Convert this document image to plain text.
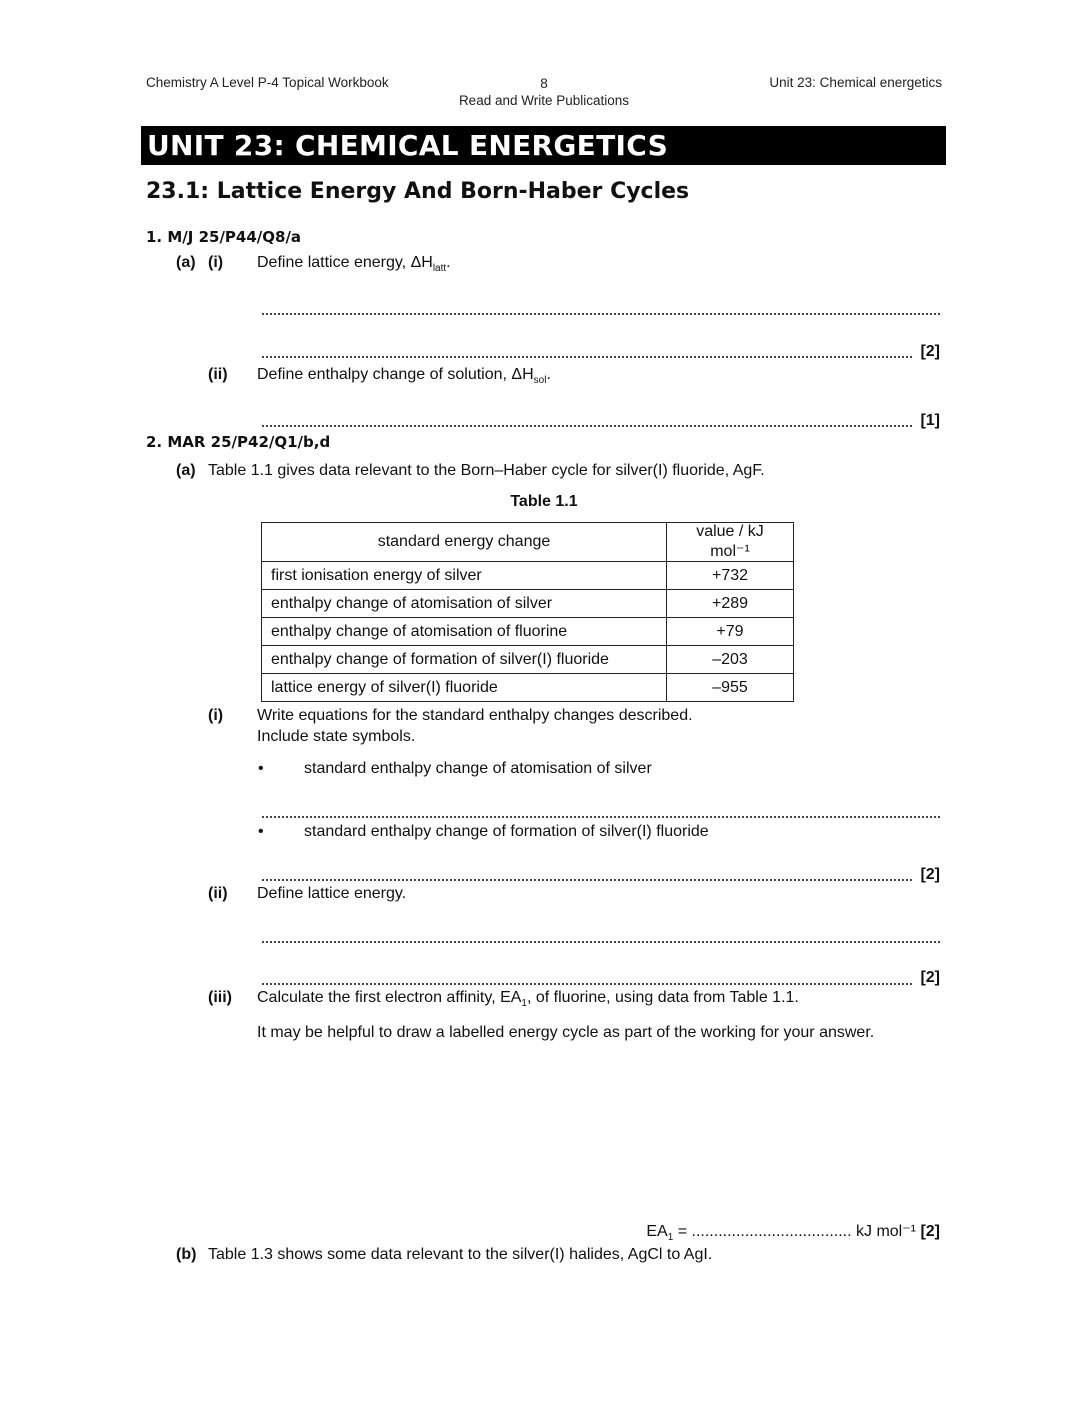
Chemistry A Level P-4 Topical Workbook	8
Read and Write Publications
Unit 23: Chemical energetics
UNIT 23: CHEMICAL ENERGETICS
23.1: Lattice Energy And Born-Haber Cycles
1. M/J 25/P44/Q8/a
(a) (i) Define lattice energy, $\Delta H_{latt}$.
[2]
(ii) Define enthalpy change of solution, $\Delta H_{sol}$.
[1]
2. MAR 25/P42/Q1/b,d
(a) Table 1.1 gives data relevant to the Born–Haber cycle for silver(I) fluoride, AgF.
Table 1.1
standard energy change	value / kJ mol⁻¹
first ionisation energy of silver	+732
enthalpy change of atomisation of silver	+289
enthalpy change of atomisation of fluorine	+79
enthalpy change of formation of silver(I) fluoride	–203
lattice energy of silver(I) fluoride	–955
(i) Write equations for the standard enthalpy changes described.
Include state symbols.
•	standard enthalpy change of atomisation of silver
•	standard enthalpy change of formation of silver(I) fluoride
[2]
(ii) Define lattice energy.
[2]
(iii) Calculate the first electron affinity, $EA_1$, of fluorine, using data from Table 1.1.
It may be helpful to draw a labelled energy cycle as part of the working for your answer.
$EA_1$ = .................................... kJ mol⁻¹ [2]
(b) Table 1.3 shows some data relevant to the silver(I) halides, AgCl to AgI.
